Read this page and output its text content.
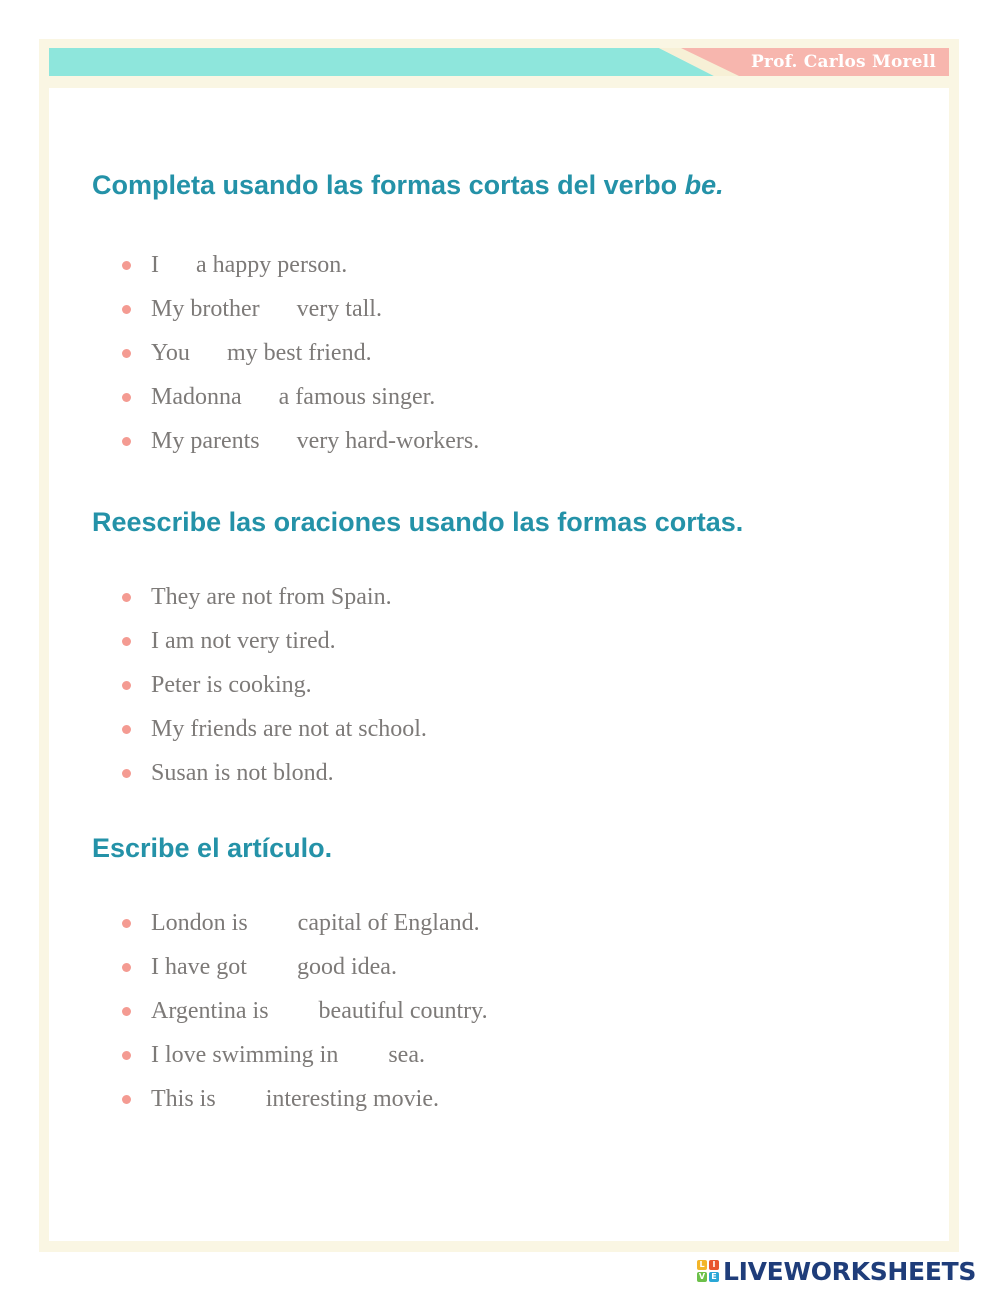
Prof. Carlos Morell
Completa usando las formas cortas del verbo be.
I a happy person.
My brother very tall.
You my best friend.
Madonna a famous singer.
My parents very hard-workers.
Reescribe las oraciones usando las formas cortas.
They are not from Spain.
I am not very tired.
Peter is cooking.
My friends are not at school.
Susan is not blond.
Escribe el artículo.
London is capital of England.
I have got good idea.
Argentina is beautiful country.
I love swimming in sea.
This is interesting movie.
L I
V E LIVEWORKSHEETS
